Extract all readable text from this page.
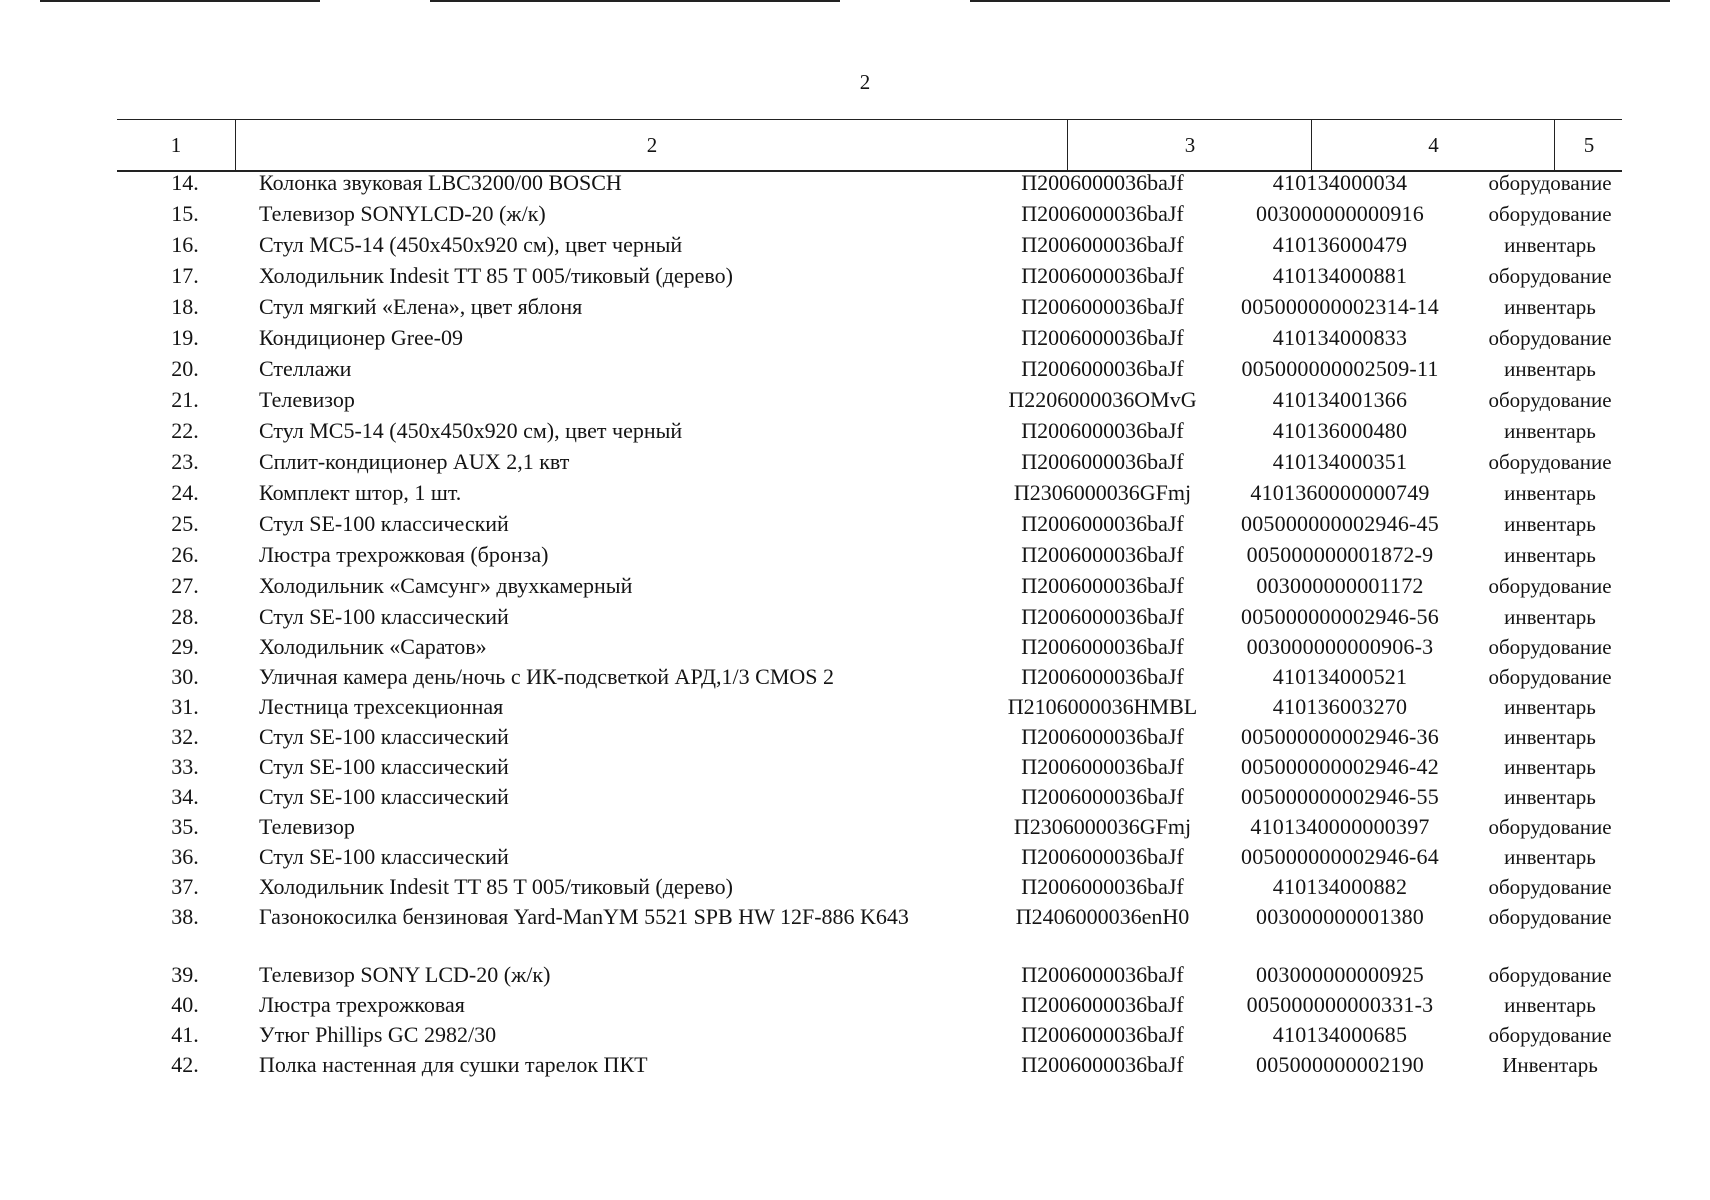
2
1	2	3	4	5
14.	Колонка звуковая LBC3200/00 BOSCH	П2006000036baJf	410134000034	оборудование
15.	Телевизор SONYLCD-20 (ж/к)	П2006000036baJf	003000000000916	оборудование
16.	Стул МС5-14 (450х450х920 см), цвет черный	П2006000036baJf	410136000479	инвентарь
17.	Холодильник Indesit TT 85 T 005/тиковый (дерево)	П2006000036baJf	410134000881	оборудование
18.	Стул мягкий «Елена», цвет яблоня	П2006000036baJf	005000000002314-14	инвентарь
19.	Кондиционер Gree-09	П2006000036baJf	410134000833	оборудование
20.	Стеллажи	П2006000036baJf	005000000002509-11	инвентарь
21.	Телевизор	П2206000036OMvG	410134001366	оборудование
22.	Стул МС5-14 (450х450х920 см), цвет черный	П2006000036baJf	410136000480	инвентарь
23.	Сплит-кондиционер AUX 2,1 квт	П2006000036baJf	410134000351	оборудование
24.	Комплект штор, 1 шт.	П2306000036GFmj	4101360000000749	инвентарь
25.	Стул SE-100 классический	П2006000036baJf	005000000002946-45	инвентарь
26.	Люстра трехрожковая (бронза)	П2006000036baJf	005000000001872-9	инвентарь
27.	Холодильник «Самсунг» двухкамерный	П2006000036baJf	003000000001172	оборудование
28.	Стул SE-100 классический	П2006000036baJf	005000000002946-56	инвентарь
29.	Холодильник «Саратов»	П2006000036baJf	003000000000906-3	оборудование
30.	Уличная камера день/ночь с ИК-подсветкой АРД,1/3 CMOS 2	П2006000036baJf	410134000521	оборудование
31.	Лестница трехсекционная	П2106000036HMBL	410136003270	инвентарь
32.	Стул SE-100 классический	П2006000036baJf	005000000002946-36	инвентарь
33.	Стул SE-100 классический	П2006000036baJf	005000000002946-42	инвентарь
34.	Стул SE-100 классический	П2006000036baJf	005000000002946-55	инвентарь
35.	Телевизор	П2306000036GFmj	4101340000000397	оборудование
36.	Стул SE-100 классический	П2006000036baJf	005000000002946-64	инвентарь
37.	Холодильник Indesit TT 85 T 005/тиковый (дерево)	П2006000036baJf	410134000882	оборудование
38.	Газонокосилка бензиновая Yard-ManYM 5521 SPB HW 12F-886 K643	П2406000036enH0	003000000001380	оборудование
39.	Телевизор SONY LCD-20 (ж/к)	П2006000036baJf	003000000000925	оборудование
40.	Люстра трехрожковая	П2006000036baJf	005000000000331-3	инвентарь
41.	Утюг Phillips GC 2982/30	П2006000036baJf	410134000685	оборудование
42.	Полка настенная для сушки тарелок ПКТ	П2006000036baJf	005000000002190	Инвентарь
